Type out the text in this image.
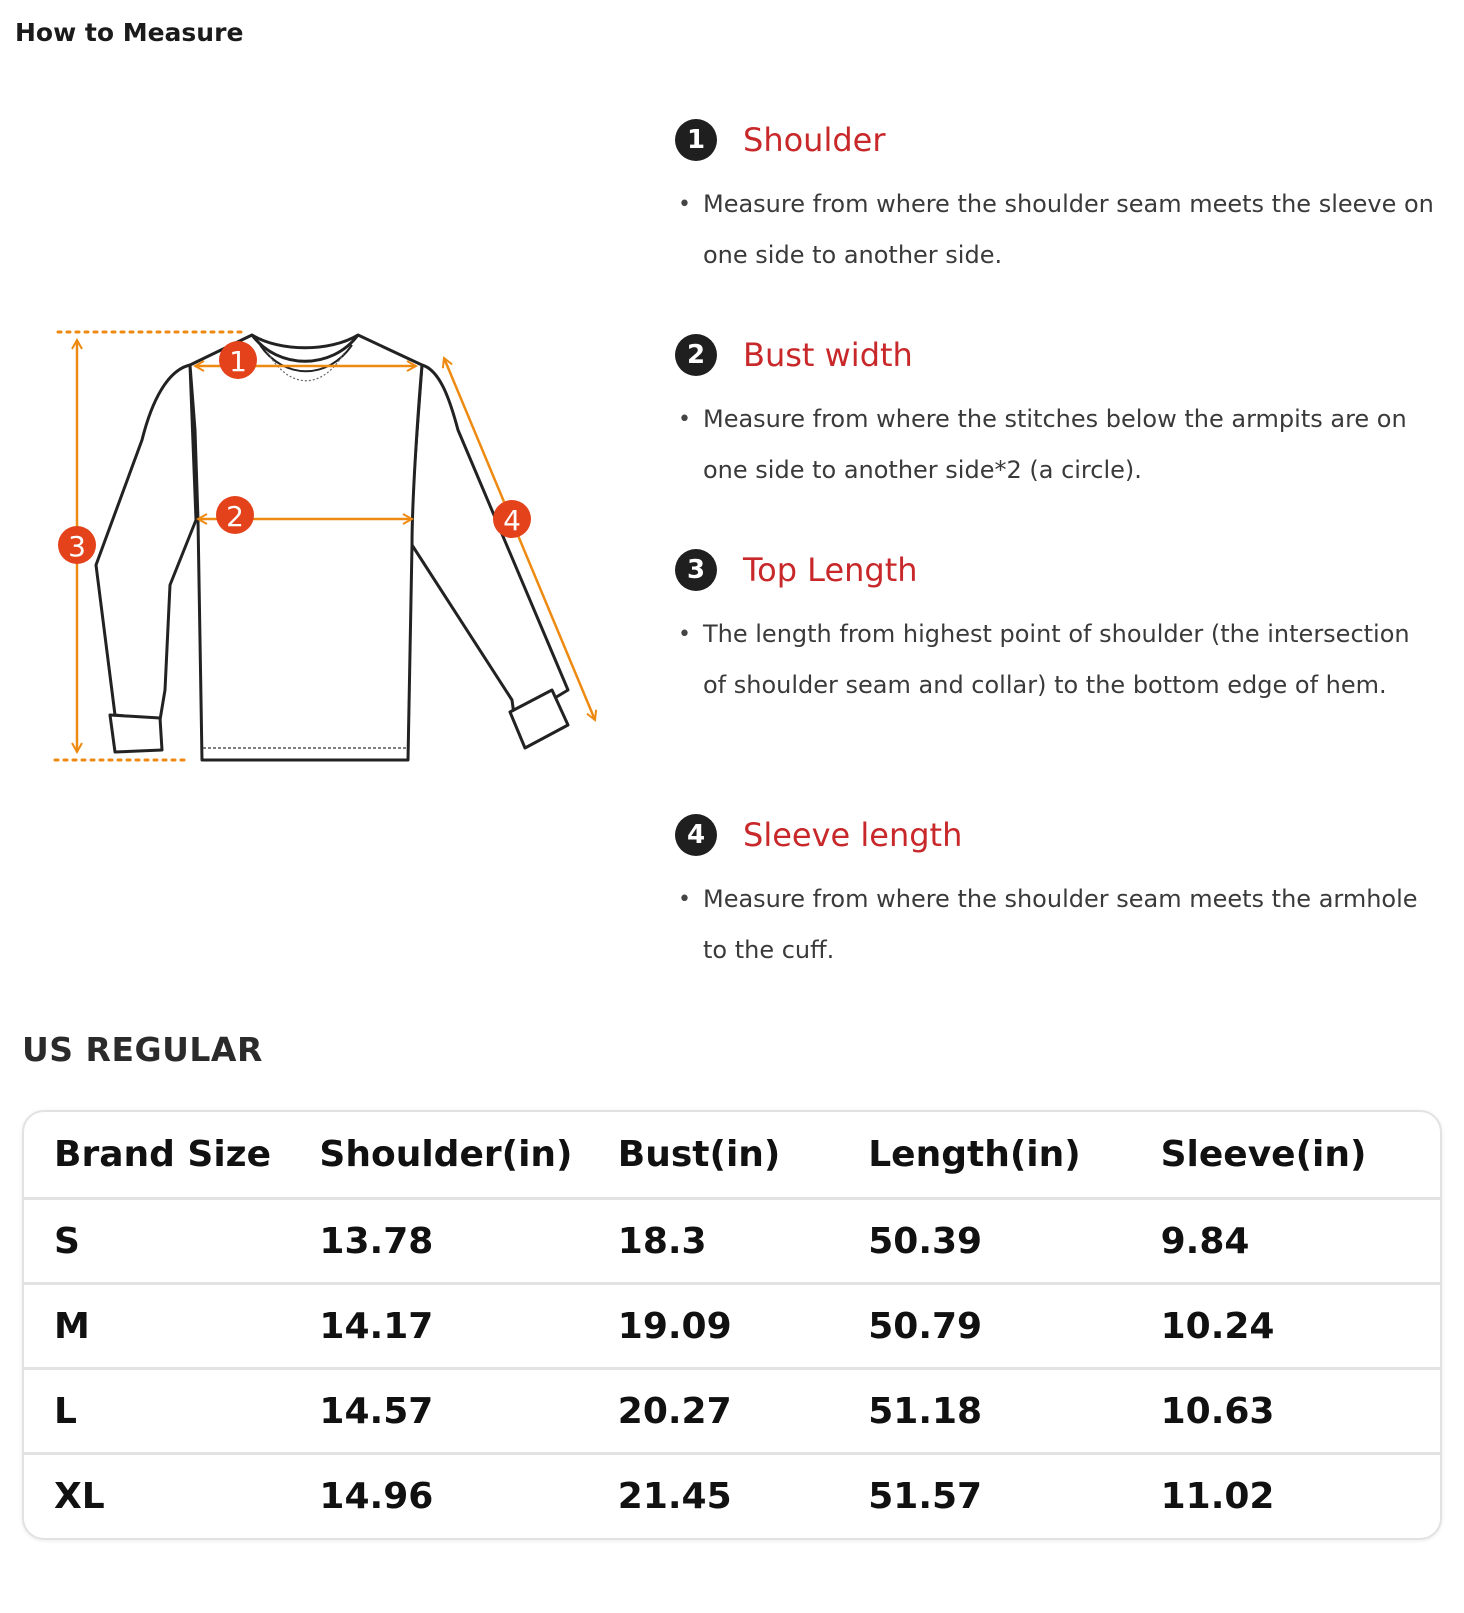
How to Measure
1
2
3
4
1	Shoulder
• Measure from where the shoulder seam meets the sleeve on one side to another side.
2	Bust width
• Measure from where the stitches below the armpits are on one side to another side*2 (a circle).
3	Top Length
• The length from highest point of shoulder (the intersection of shoulder seam and collar) to the bottom edge of hem.
4	Sleeve length
• Measure from where the shoulder seam meets the armhole to the cuff.
US REGULAR
Brand Size	Shoulder(in)	Bust(in)	Length(in)	Sleeve(in)
S	13.78	18.3	50.39	9.84
M	14.17	19.09	50.79	10.24
L	14.57	20.27	51.18	10.63
XL	14.96	21.45	51.57	11.02
